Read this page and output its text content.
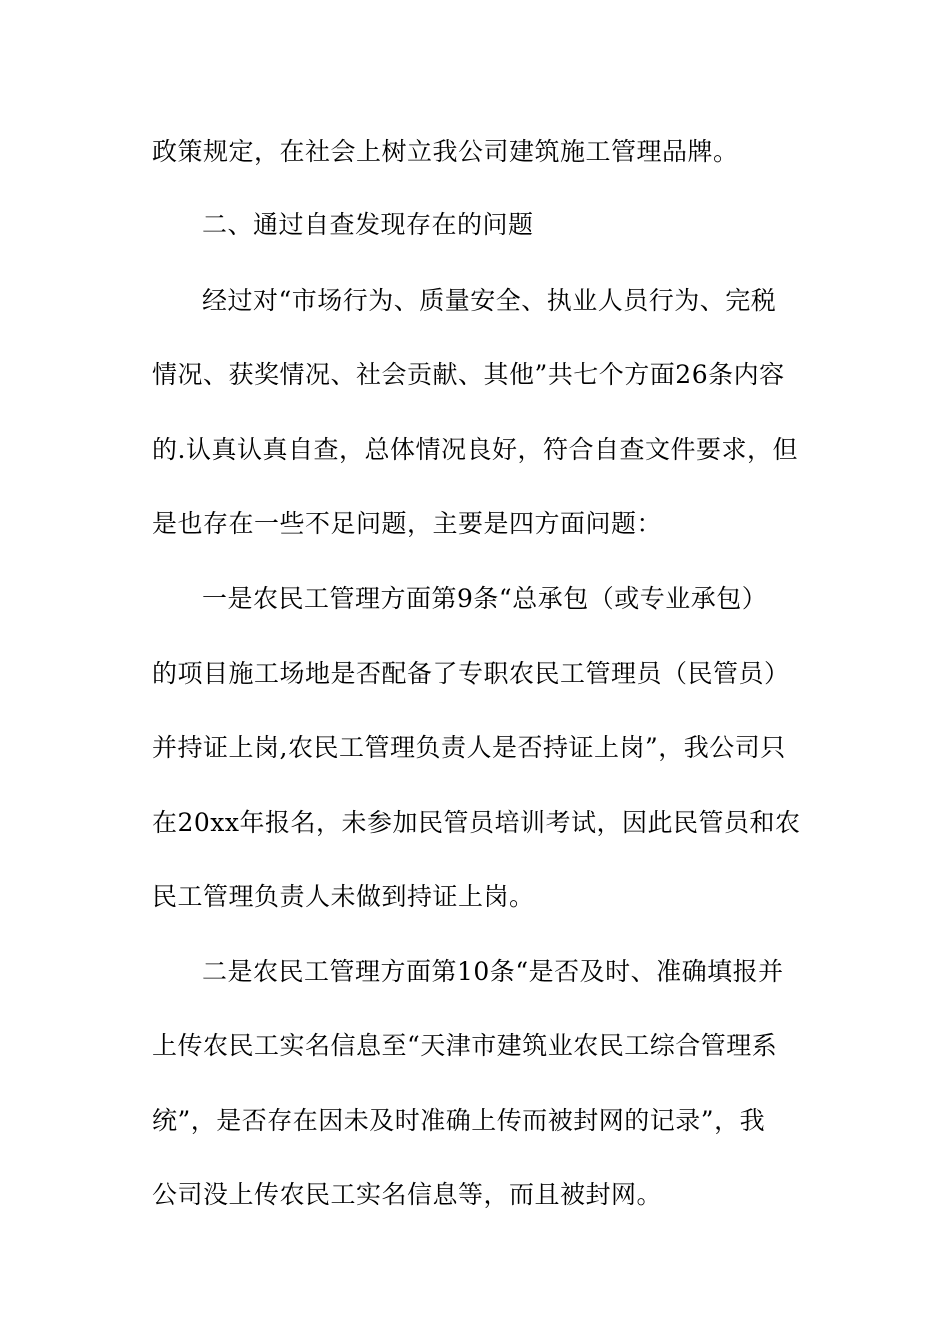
政策规定，在社会上树立我公司建筑施工管理品牌。
二、通过自查发现存在的问题
经过对“市场行为、质量安全、执业人员行为、完税
情况、获奖情况、社会贡献、其他”共七个方面26条内容
的.认真认真自查，总体情况良好，符合自查文件要求，但
是也存在一些不足问题，主要是四方面问题：
一是农民工管理方面第9条“总承包（或专业承包）
的项目施工场地是否配备了专职农民工管理员（民管员）
并持证上岗,农民工管理负责人是否持证上岗”，我公司只
在20xx年报名，未参加民管员培训考试，因此民管员和农
民工管理负责人未做到持证上岗。
二是农民工管理方面第10条“是否及时、准确填报并
上传农民工实名信息至“天津市建筑业农民工综合管理系
统”，是否存在因未及时准确上传而被封网的记录”，我
公司没上传农民工实名信息等，而且被封网。
